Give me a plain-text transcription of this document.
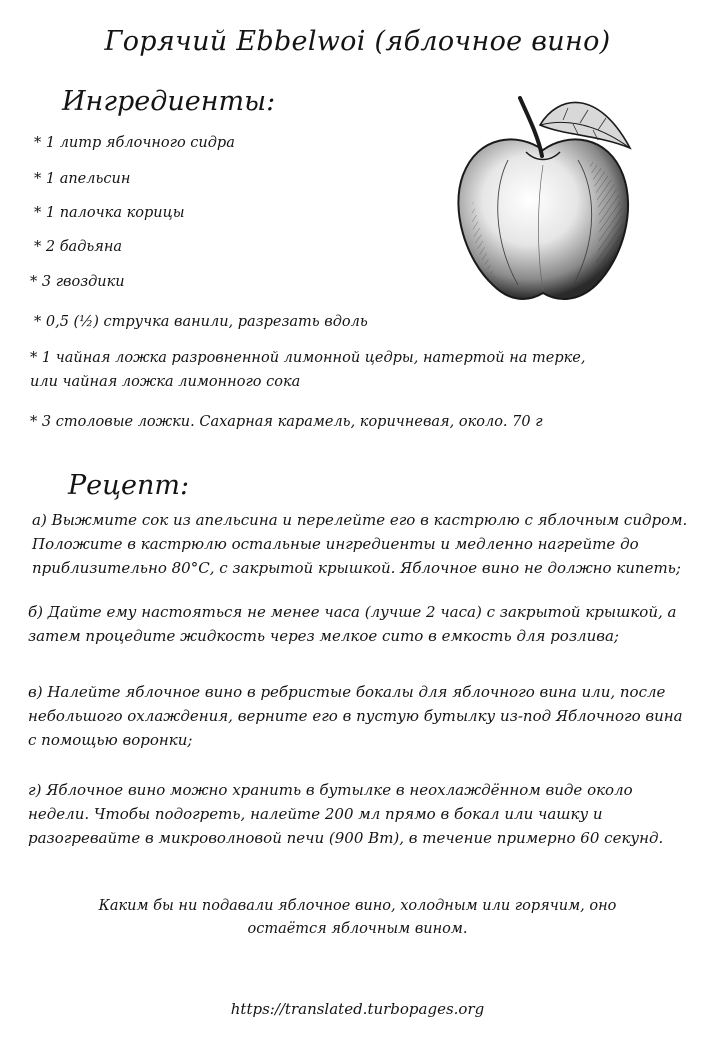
Горячий Ebbelwoi (яблочное вино)
Ингредиенты:
* 1 литр яблочного сидра
* 1 апельсин
* 1 палочка корицы
* 2 бадьяна
* 3 гвоздики
* 0,5 (½) стручка ванили, разрезать вдоль
* 1 чайная ложка разровненной лимонной цедры, натертой на терке,
или чайная ложка лимонного сока
* 3 столовые ложки. Сахарная карамель, коричневая, около. 70 г
Рецепт:
а) Выжмите сок из апельсина и перелейте его в кастрюлю с яблочным сидром.
Положите в кастрюлю остальные ингредиенты и медленно нагрейте до
приблизительно 80°С, с закрытой крышкой. Яблочное вино не должно кипеть;
б) Дайте ему настояться не менее часа (лучше 2 часа) с закрытой крышкой, а
затем процедите жидкость через мелкое сито в емкость для розлива;
в) Налейте яблочное вино в ребристые бокалы для яблочного вина или, после
небольшого охлаждения, верните его в пустую бутылку из-под Яблочного вина
с помощью воронки;
г) Яблочное вино можно хранить в бутылке в неохлаждённом виде около
недели. Чтобы подогреть, налейте 200 мл прямо в бокал или чашку и
разогревайте в микроволновой печи (900 Вт), в течение примерно 60 секунд.
Каким бы ни подавали яблочное вино, холодным или горячим, оно
остаётся яблочным вином.
https://translated.turbopages.org
